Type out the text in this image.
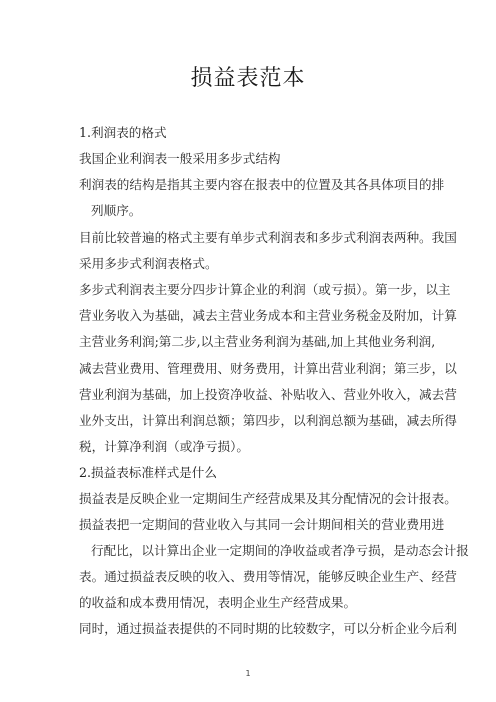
损益表范本
1.利润表的格式
我国企业利润表一般采用多步式结构
利润表的结构是指其主要内容在报表中的位置及其各具体项目的排
列顺序。
目前比较普遍的格式主要有单步式利润表和多步式利润表两种。我国
采用多步式利润表格式。
多步式利润表主要分四步计算企业的利润（或亏损）。第一步，以主
营业务收入为基础，减去主营业务成本和主营业务税金及附加，计算
主营业务利润;第二步,以主营业务利润为基础,加上其他业务利润,
减去营业费用、管理费用、财务费用，计算出营业利润；第三步，以
营业利润为基础，加上投资净收益、补贴收入、营业外收入，减去营
业外支出，计算出利润总额；第四步，以利润总额为基础，减去所得
税，计算净利润（或净亏损）。
2.损益表标准样式是什么
损益表是反映企业一定期间生产经营成果及其分配情况的会计报表。
损益表把一定期间的营业收入与其同一会计期间相关的营业费用进
行配比，以计算出企业一定期间的净收益或者净亏损，是动态会计报
表。通过损益表反映的收入、费用等情况，能够反映企业生产、经营
的收益和成本费用情况，表明企业生产经营成果。
同时，通过损益表提供的不同时期的比较数字，可以分析企业今后利
1
